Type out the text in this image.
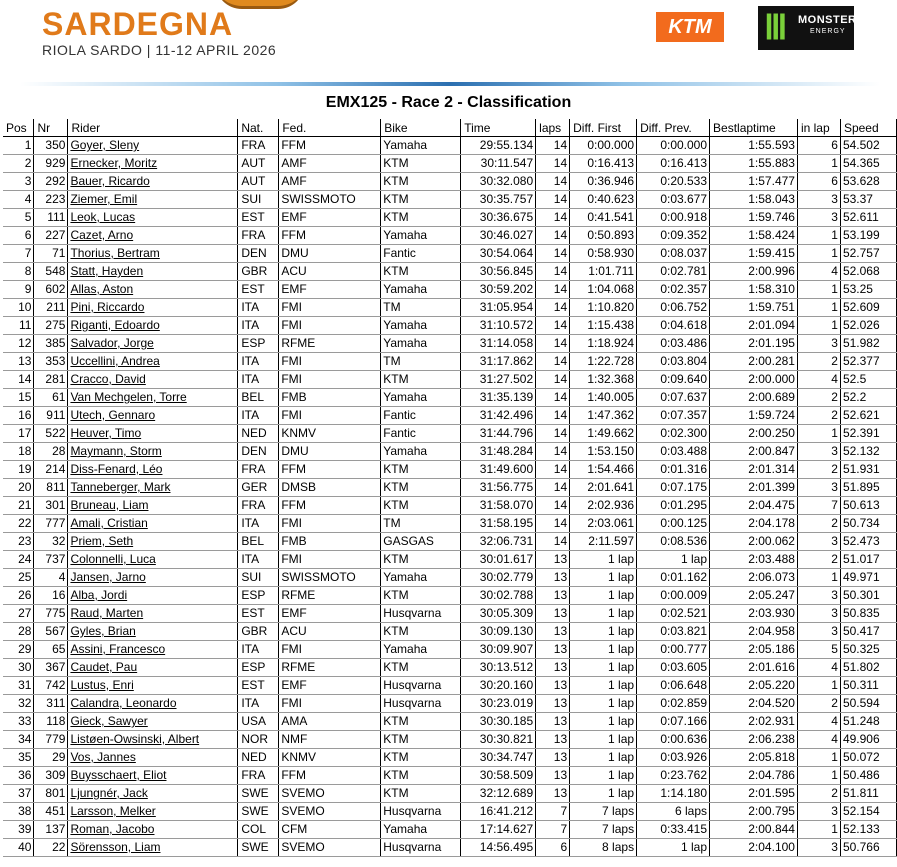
SARDEGNA
RIOLA SARDO | 11-12 APRIL 2026
KTM	Ⅲ MONSTER
ENERGY
EMX125 - Race 2 - Classification
Pos	Nr	Rider	Nat.	Fed.	Bike	Time	laps	Diff. First	Diff. Prev.	Bestlaptime	in lap	Speed
1	350	Goyer, Sleny	FRA	FFM	Yamaha	29:55.134	14	0:00.000	0:00.000	1:55.593	6	54.502
2	929	Ernecker, Moritz	AUT	AMF	KTM	30:11.547	14	0:16.413	0:16.413	1:55.883	1	54.365
3	292	Bauer, Ricardo	AUT	AMF	KTM	30:32.080	14	0:36.946	0:20.533	1:57.477	6	53.628
4	223	Ziemer, Emil	SUI	SWISSMOTO	KTM	30:35.757	14	0:40.623	0:03.677	1:58.043	3	53.37
5	111	Leok, Lucas	EST	EMF	KTM	30:36.675	14	0:41.541	0:00.918	1:59.746	3	52.611
6	227	Cazet, Arno	FRA	FFM	Yamaha	30:46.027	14	0:50.893	0:09.352	1:58.424	1	53.199
7	71	Thorius, Bertram	DEN	DMU	Fantic	30:54.064	14	0:58.930	0:08.037	1:59.415	1	52.757
8	548	Statt, Hayden	GBR	ACU	KTM	30:56.845	14	1:01.711	0:02.781	2:00.996	4	52.068
9	602	Allas, Aston	EST	EMF	Yamaha	30:59.202	14	1:04.068	0:02.357	1:58.310	1	53.25
10	211	Pini, Riccardo	ITA	FMI	TM	31:05.954	14	1:10.820	0:06.752	1:59.751	1	52.609
11	275	Riganti, Edoardo	ITA	FMI	Yamaha	31:10.572	14	1:15.438	0:04.618	2:01.094	1	52.026
12	385	Salvador, Jorge	ESP	RFME	Yamaha	31:14.058	14	1:18.924	0:03.486	2:01.195	3	51.982
13	353	Uccellini, Andrea	ITA	FMI	TM	31:17.862	14	1:22.728	0:03.804	2:00.281	2	52.377
14	281	Cracco, David	ITA	FMI	KTM	31:27.502	14	1:32.368	0:09.640	2:00.000	4	52.5
15	61	Van Mechgelen, Torre	BEL	FMB	Yamaha	31:35.139	14	1:40.005	0:07.637	2:00.689	2	52.2
16	911	Utech, Gennaro	ITA	FMI	Fantic	31:42.496	14	1:47.362	0:07.357	1:59.724	2	52.621
17	522	Heuver, Timo	NED	KNMV	Fantic	31:44.796	14	1:49.662	0:02.300	2:00.250	1	52.391
18	28	Maymann, Storm	DEN	DMU	Yamaha	31:48.284	14	1:53.150	0:03.488	2:00.847	3	52.132
19	214	Diss-Fenard, Léo	FRA	FFM	KTM	31:49.600	14	1:54.466	0:01.316	2:01.314	2	51.931
20	811	Tanneberger, Mark	GER	DMSB	KTM	31:56.775	14	2:01.641	0:07.175	2:01.399	3	51.895
21	301	Bruneau, Liam	FRA	FFM	KTM	31:58.070	14	2:02.936	0:01.295	2:04.475	7	50.613
22	777	Amali, Cristian	ITA	FMI	TM	31:58.195	14	2:03.061	0:00.125	2:04.178	2	50.734
23	32	Priem, Seth	BEL	FMB	GASGAS	32:06.731	14	2:11.597	0:08.536	2:00.062	3	52.473
24	737	Colonnelli, Luca	ITA	FMI	KTM	30:01.617	13	1 lap	1 lap	2:03.488	2	51.017
25	4	Jansen, Jarno	SUI	SWISSMOTO	Yamaha	30:02.779	13	1 lap	0:01.162	2:06.073	1	49.971
26	16	Alba, Jordi	ESP	RFME	KTM	30:02.788	13	1 lap	0:00.009	2:05.247	3	50.301
27	775	Raud, Marten	EST	EMF	Husqvarna	30:05.309	13	1 lap	0:02.521	2:03.930	3	50.835
28	567	Gyles, Brian	GBR	ACU	KTM	30:09.130	13	1 lap	0:03.821	2:04.958	3	50.417
29	65	Assini, Francesco	ITA	FMI	Yamaha	30:09.907	13	1 lap	0:00.777	2:05.186	5	50.325
30	367	Caudet, Pau	ESP	RFME	KTM	30:13.512	13	1 lap	0:03.605	2:01.616	4	51.802
31	742	Lustus, Enri	EST	EMF	Husqvarna	30:20.160	13	1 lap	0:06.648	2:05.220	1	50.311
32	311	Calandra, Leonardo	ITA	FMI	Husqvarna	30:23.019	13	1 lap	0:02.859	2:04.520	2	50.594
33	118	Gieck, Sawyer	USA	AMA	KTM	30:30.185	13	1 lap	0:07.166	2:02.931	4	51.248
34	779	Listøen-Owsinski, Albert	NOR	NMF	KTM	30:30.821	13	1 lap	0:00.636	2:06.238	4	49.906
35	29	Vos, Jannes	NED	KNMV	KTM	30:34.747	13	1 lap	0:03.926	2:05.818	1	50.072
36	309	Buysschaert, Eliot	FRA	FFM	KTM	30:58.509	13	1 lap	0:23.762	2:04.786	1	50.486
37	801	Ljungnér, Jack	SWE	SVEMO	KTM	32:12.689	13	1 lap	1:14.180	2:01.595	2	51.811
38	451	Larsson, Melker	SWE	SVEMO	Husqvarna	16:41.212	7	7 laps	6 laps	2:00.795	3	52.154
39	137	Roman, Jacobo	COL	CFM	Yamaha	17:14.627	7	7 laps	0:33.415	2:00.844	1	52.133
40	22	Sörensson, Liam	SWE	SVEMO	Husqvarna	14:56.495	6	8 laps	1 lap	2:04.100	3	50.766
